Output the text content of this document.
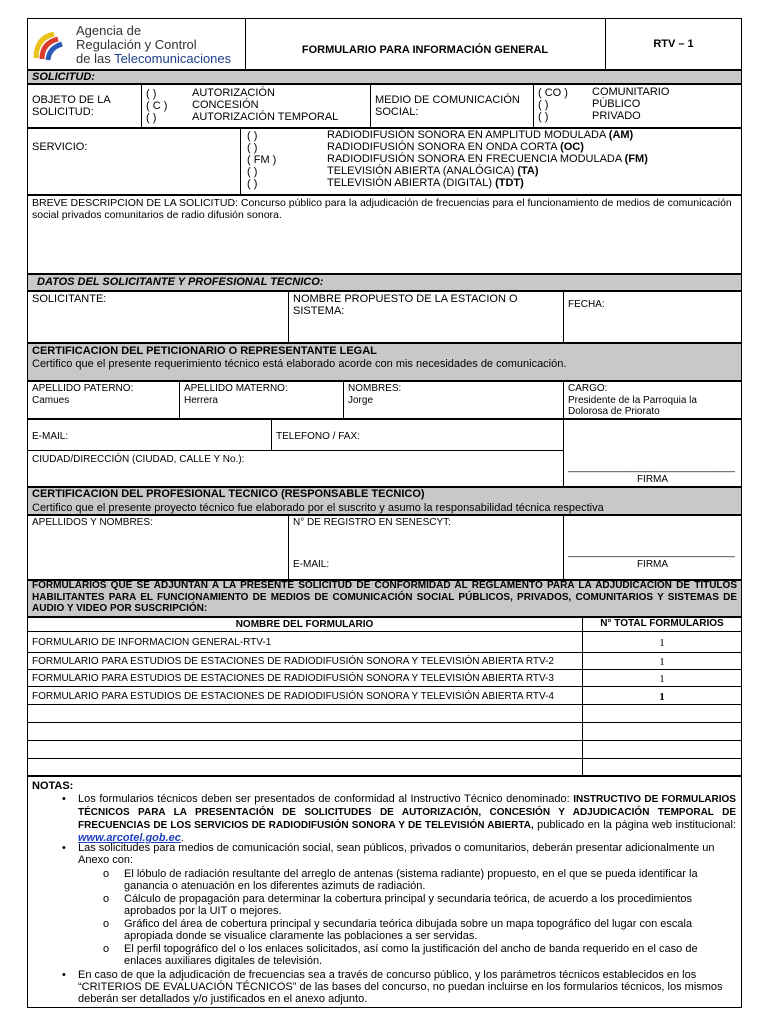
Agencia de
Regulación y Control
de las Telecomunicaciones
FORMULARIO PARA INFORMACIÓN GENERAL	RTV – 1
SOLICITUD:
OBJETO DE LA SOLICITUD:
( )	AUTORIZACIÓN
( C ) CONCESIÓN
( )	AUTORIZACIÓN TEMPORAL
MEDIO DE COMUNICACIÓN SOCIAL:
( CO ) COMUNITARIO
( )	PÚBLICO
( )	PRIVADO
SERVICIO:
( )	RADIODIFUSIÓN SONORA EN AMPLITUD MODULADA (AM)
( )	RADIODIFUSIÓN SONORA EN ONDA CORTA (OC)
( FM )	RADIODIFUSIÓN SONORA EN FRECUENCIA MODULADA (FM)
( )	TELEVISIÓN ABIERTA (ANALÓGICA) (TA)
( )	TELEVISIÓN ABIERTA (DIGITAL) (TDT)
BREVE DESCRIPCION DE LA SOLICITUD: Concurso público para la adjudicación de frecuencias para el funcionamiento de medios de comunicación social privados comunitarios de radio difusión sonora.
DATOS DEL SOLICITANTE Y PROFESIONAL TECNICO:
SOLICITANTE:	NOMBRE PROPUESTO DE LA ESTACION O SISTEMA:
FECHA:
CERTIFICACION DEL PETICIONARIO O REPRESENTANTE LEGAL
Certifico que el presente requerimiento técnico está elaborado acorde con mis necesidades de comunicación.
APELLIDO PATERNO:
Camues
APELLIDO MATERNO:
Herrera
NOMBRES:
Jorge
CARGO:
Presidente de la Parroquia la Dolorosa de Priorato
E-MAIL:	TELEFONO / FAX:
CIUDAD/DIRECCIÓN (CIUDAD, CALLE Y No.):
______________________________
FIRMA
CERTIFICACION DEL PROFESIONAL TECNICO (RESPONSABLE TECNICO)
Certifico que el presente proyecto técnico fue elaborado por el suscrito y asumo la responsabilidad técnica respectiva
APELLIDOS Y NOMBRES:	N° DE REGISTRO EN SENESCYT:
E-MAIL:
______________________________
FIRMA
FORMULARIOS QUE SE ADJUNTAN A LA PRESENTE SOLICITUD DE CONFORMIDAD AL REGLAMENTO PARA LA ADJUDICACIÓN DE TÍTULOS HABILITANTES PARA EL FUNCIONAMIENTO DE MEDIOS DE COMUNICACIÓN SOCIAL PÚBLICOS, PRIVADOS, COMUNITARIOS Y SISTEMAS DE AUDIO Y VIDEO POR SUSCRIPCIÓN:
NOMBRE DEL FORMULARIO	N° TOTAL FORMULARIOS
FORMULARIO DE INFORMACION GENERAL-RTV-1	1
FORMULARIO PARA ESTUDIOS DE ESTACIONES DE RADIODIFUSIÓN SONORA Y TELEVISIÓN ABIERTA RTV-2	1
FORMULARIO PARA ESTUDIOS DE ESTACIONES DE RADIODIFUSIÓN SONORA Y TELEVISIÓN ABIERTA RTV-3	1
FORMULARIO PARA ESTUDIOS DE ESTACIONES DE RADIODIFUSIÓN SONORA Y TELEVISIÓN ABIERTA RTV-4	1
NOTAS:
• Los formularios técnicos deben ser presentados de conformidad al Instructivo Técnico denominado: INSTRUCTIVO DE FORMULARIOS TÉCNICOS PARA LA PRESENTACIÓN DE SOLICITUDES DE AUTORIZACIÓN, CONCESIÓN Y ADJUDICACIÓN TEMPORAL DE FRECUENCIAS DE LOS SERVICIOS DE RADIODIFUSIÓN SONORA Y DE TELEVISIÓN ABIERTA, publicado en la página web institucional: www.arcotel.gob.ec.
• Las solicitudes para medios de comunicación social, sean públicos, privados o comunitarios, deberán presentar adicionalmente un Anexo con:
o El lóbulo de radiación resultante del arreglo de antenas (sistema radiante) propuesto, en el que se pueda identificar la ganancia o atenuación en los diferentes azimuts de radiación.
o Cálculo de propagación para determinar la cobertura principal y secundaria teórica, de acuerdo a los procedimientos aprobados por la UIT o mejores.
o Gráfico del área de cobertura principal y secundaria teórica dibujada sobre un mapa topográfico del lugar con escala apropiada donde se visualice claramente las poblaciones a ser servidas.
o El perfil topográfico del o los enlaces solicitados, así como la justificación del ancho de banda requerido en el caso de enlaces auxiliares digitales de televisión.
• En caso de que la adjudicación de frecuencias sea a través de concurso público, y los parámetros técnicos establecidos en los “CRITERIOS DE EVALUACIÓN TÉCNICOS” de las bases del concurso, no puedan incluirse en los formularios técnicos, los mismos deberán ser detallados y/o justificados en el anexo adjunto.
